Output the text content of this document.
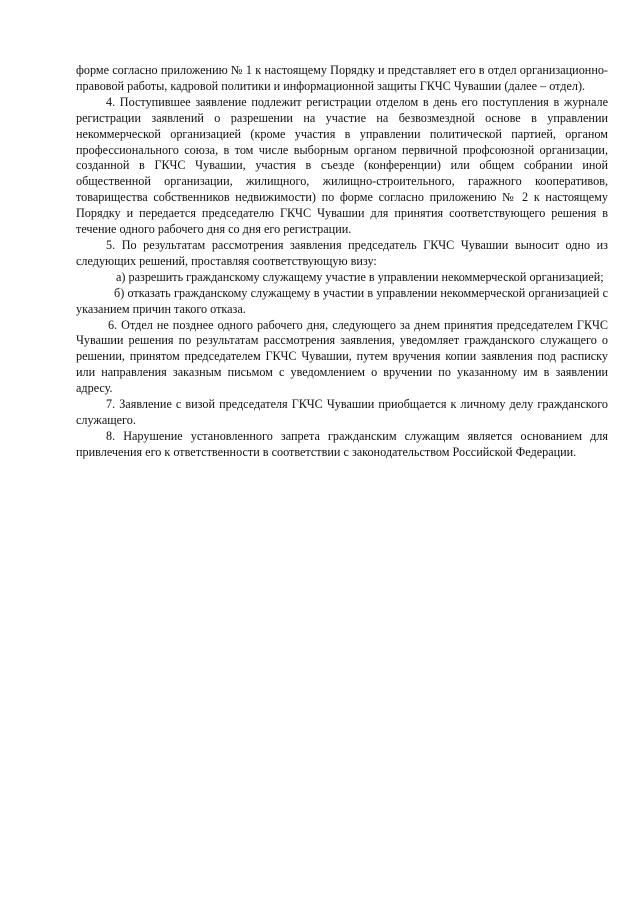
форме согласно приложению № 1 к настоящему Порядку и представляет его в отдел организационно-правовой работы, кадровой политики и информационной защиты ГКЧС Чувашии (далее – отдел).

4. Поступившее заявление подлежит регистрации отделом в день его поступления в журнале регистрации заявлений о разрешении на участие на безвозмездной основе в управлении некоммерческой организацией (кроме участия в управлении политической партией, органом профессионального союза, в том числе выборным органом первичной профсоюзной организации, созданной в ГКЧС Чувашии, участия в съезде (конференции) или общем собрании иной общественной организации, жилищного, жилищно-строительного, гаражного кооперативов, товарищества собственников недвижимости) по форме согласно приложению № 2 к настоящему Порядку и передается председателю ГКЧС Чувашии для принятия соответствующего решения в течение одного рабочего дня со дня его регистрации.

5. По результатам рассмотрения заявления председатель ГКЧС Чувашии выносит одно из следующих решений, проставляя соответствующую визу:

а) разрешить гражданскому служащему участие в управлении некоммерческой организацией;

б) отказать гражданскому служащему в участии в управлении некоммерческой организацией с указанием причин такого отказа.

6. Отдел не позднее одного рабочего дня, следующего за днем принятия председателем ГКЧС Чувашии решения по результатам рассмотрения заявления, уведомляет гражданского служащего о решении, принятом председателем ГКЧС Чувашии, путем вручения копии заявления под расписку или направления заказным письмом с уведомлением о вручении по указанному им в заявлении адресу.

7. Заявление с визой председателя ГКЧС Чувашии приобщается к личному делу гражданского служащего.

8. Нарушение установленного запрета гражданским служащим является основанием для привлечения его к ответственности в соответствии с законодательством Российской Федерации.
